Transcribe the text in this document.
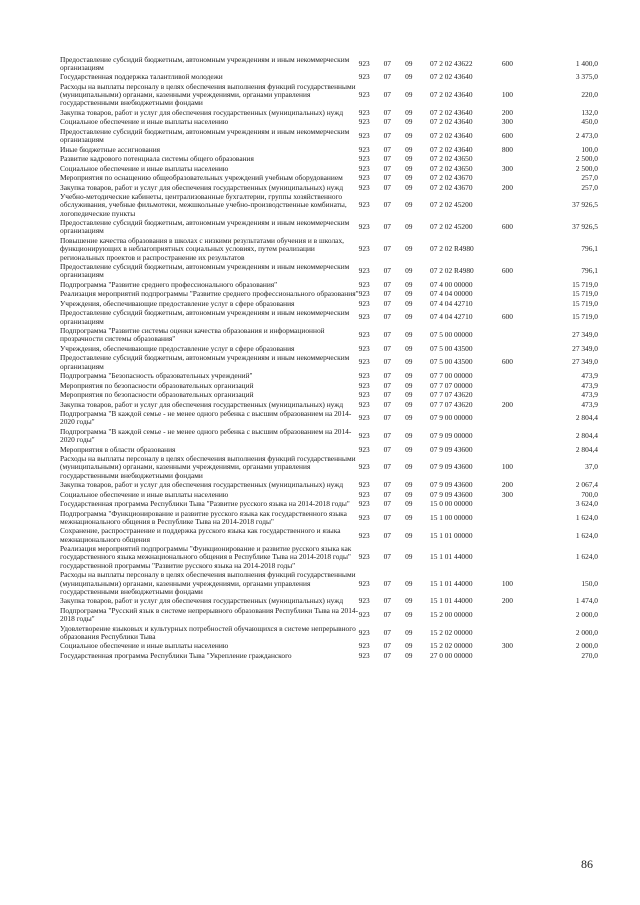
Предоставление субсидий бюджетным, автономным учреждениям и иным некоммерческим организациям	923	07	09	07 2 02 43622	600	1 400,0
Государственная поддержка талантливой молодежи	923	07	09	07 2 02 43640		3 375,0
Расходы на выплаты персоналу в целях обеспечения выполнения функций государственными (муниципальными) органами, казенными учреждениями, органами управления государственными внебюджетными фондами	923	07	09	07 2 02 43640	100	220,0
Закупка товаров, работ и услуг для обеспечения государственных (муниципальных) нужд	923	07	09	07 2 02 43640	200	132,0
Социальное обеспечение и иные выплаты населению	923	07	09	07 2 02 43640	300	450,0
Предоставление субсидий бюджетным, автономным учреждениям и иным некоммерческим организациям	923	07	09	07 2 02 43640	600	2 473,0
Иные бюджетные ассигнования	923	07	09	07 2 02 43640	800	100,0
Развитие кадрового потенциала системы общего образования	923	07	09	07 2 02 43650		2 500,0
Социальное обеспечение и иные выплаты населению	923	07	09	07 2 02 43650	300	2 500,0
Мероприятия по оснащению общеобразовательных учреждений учебным оборудованием	923	07	09	07 2 02 43670		257,0
Закупка товаров, работ и услуг для обеспечения государственных (муниципальных) нужд	923	07	09	07 2 02 43670	200	257,0
Учебно-методические кабинеты, централизованные бухгалтерии, группы хозяйственного обслуживания, учебные фильмотеки, межшкольные учебно-производственные комбинаты, логопедические пункты	923	07	09	07 2 02 45200		37 926,5
Предоставление субсидий бюджетным, автономным учреждениям и иным некоммерческим организациям	923	07	09	07 2 02 45200	600	37 926,5
Повышение качества образования в школах с низкими результатами обучения и в школах, функционирующих в неблагоприятных социальных условиях, путем реализации региональных проектов и распространение их результатов	923	07	09	07 2 02 R4980		796,1
Предоставление субсидий бюджетным, автономным учреждениям и иным некоммерческим организациям	923	07	09	07 2 02 R4980	600	796,1
Подпрограмма "Развитие среднего профессионального образования"	923	07	09	07 4 00 00000		15 719,0
Реализация мероприятий подпрограммы "Развитие среднего профессионального образования"	923	07	09	07 4 04 00000		15 719,0
Учреждения, обеспечивающие предоставление услуг в сфере образования	923	07	09	07 4 04 42710		15 719,0
Предоставление субсидий бюджетным, автономным учреждениям и иным некоммерческим организациям	923	07	09	07 4 04 42710	600	15 719,0
Подпрограмма "Развитие системы оценки качества образования и информационной прозрачности системы образования"	923	07	09	07 5 00 00000		27 349,0
Учреждения, обеспечивающие предоставление услуг в сфере образования	923	07	09	07 5 00 43500		27 349,0
Предоставление субсидий бюджетным, автономным учреждениям и иным некоммерческим организациям	923	07	09	07 5 00 43500	600	27 349,0
Подпрограмма "Безопасность образовательных учреждений"	923	07	09	07 7 00 00000		473,9
Мероприятия по безопасности образовательных организаций	923	07	09	07 7 07 00000		473,9
Мероприятия по безопасности образовательных организаций	923	07	09	07 7 07 43620		473,9
Закупка товаров, работ и услуг для обеспечения государственных (муниципальных) нужд	923	07	09	07 7 07 43620	200	473,9
Подпрограмма "В каждой семье - не менее одного ребенка с высшим образованием на 2014-2020 годы"	923	07	09	07 9 00 00000		2 804,4
Подпрограмма "В каждой семье - не менее одного ребенка с высшим образованием на 2014-2020 годы"	923	07	09	07 9 09 00000		2 804,4
Мероприятия в области образования	923	07	09	07 9 09 43600		2 804,4
Расходы на выплаты персоналу в целях обеспечения выполнения функций государственными (муниципальными) органами, казенными учреждениями, органами управления государственными внебюджетными фондами	923	07	09	07 9 09 43600	100	37,0
Закупка товаров, работ и услуг для обеспечения государственных (муниципальных) нужд	923	07	09	07 9 09 43600	200	2 067,4
Социальное обеспечение и иные выплаты населению	923	07	09	07 9 09 43600	300	700,0
Государственная программа Республики Тыва "Развитие русского языка на 2014-2018 годы"	923	07	09	15 0 00 00000		3 624,0
Подпрограмма "Функционирование и развитие русского языка как государственного языка межнационального общения в Республике Тыва на 2014-2018 годы"	923	07	09	15 1 00 00000		1 624,0
Сохранение, распространение и поддержка русского языка как государственного и языка межнационального общения	923	07	09	15 1 01 00000		1 624,0
Реализация мероприятий подпрограммы "Функционирование и развитие русского языка как государственного языка межнационального общения в Республике Тыва на 2014-2018 годы" государственной программы "Развитие русского языка на 2014-2018 годы"	923	07	09	15 1 01 44000		1 624,0
Расходы на выплаты персоналу в целях обеспечения выполнения функций государственными (муниципальными) органами, казенными учреждениями, органами управления государственными внебюджетными фондами	923	07	09	15 1 01 44000	100	150,0
Закупка товаров, работ и услуг для обеспечения государственных (муниципальных) нужд	923	07	09	15 1 01 44000	200	1 474,0
Подпрограмма "Русский язык в системе непрерывного образования Республики Тыва на 2014-2018 годы"	923	07	09	15 2 00 00000		2 000,0
Удовлетворение языковых и культурных потребностей обучающихся в системе непрерывного образования Республики Тыва	923	07	09	15 2 02 00000		2 000,0
Социальное обеспечение и иные выплаты населению	923	07	09	15 2 02 00000	300	2 000,0
Государственная программа Республики Тыва "Укрепление гражданского	923	07	09	27 0 00 00000		270,0
86
